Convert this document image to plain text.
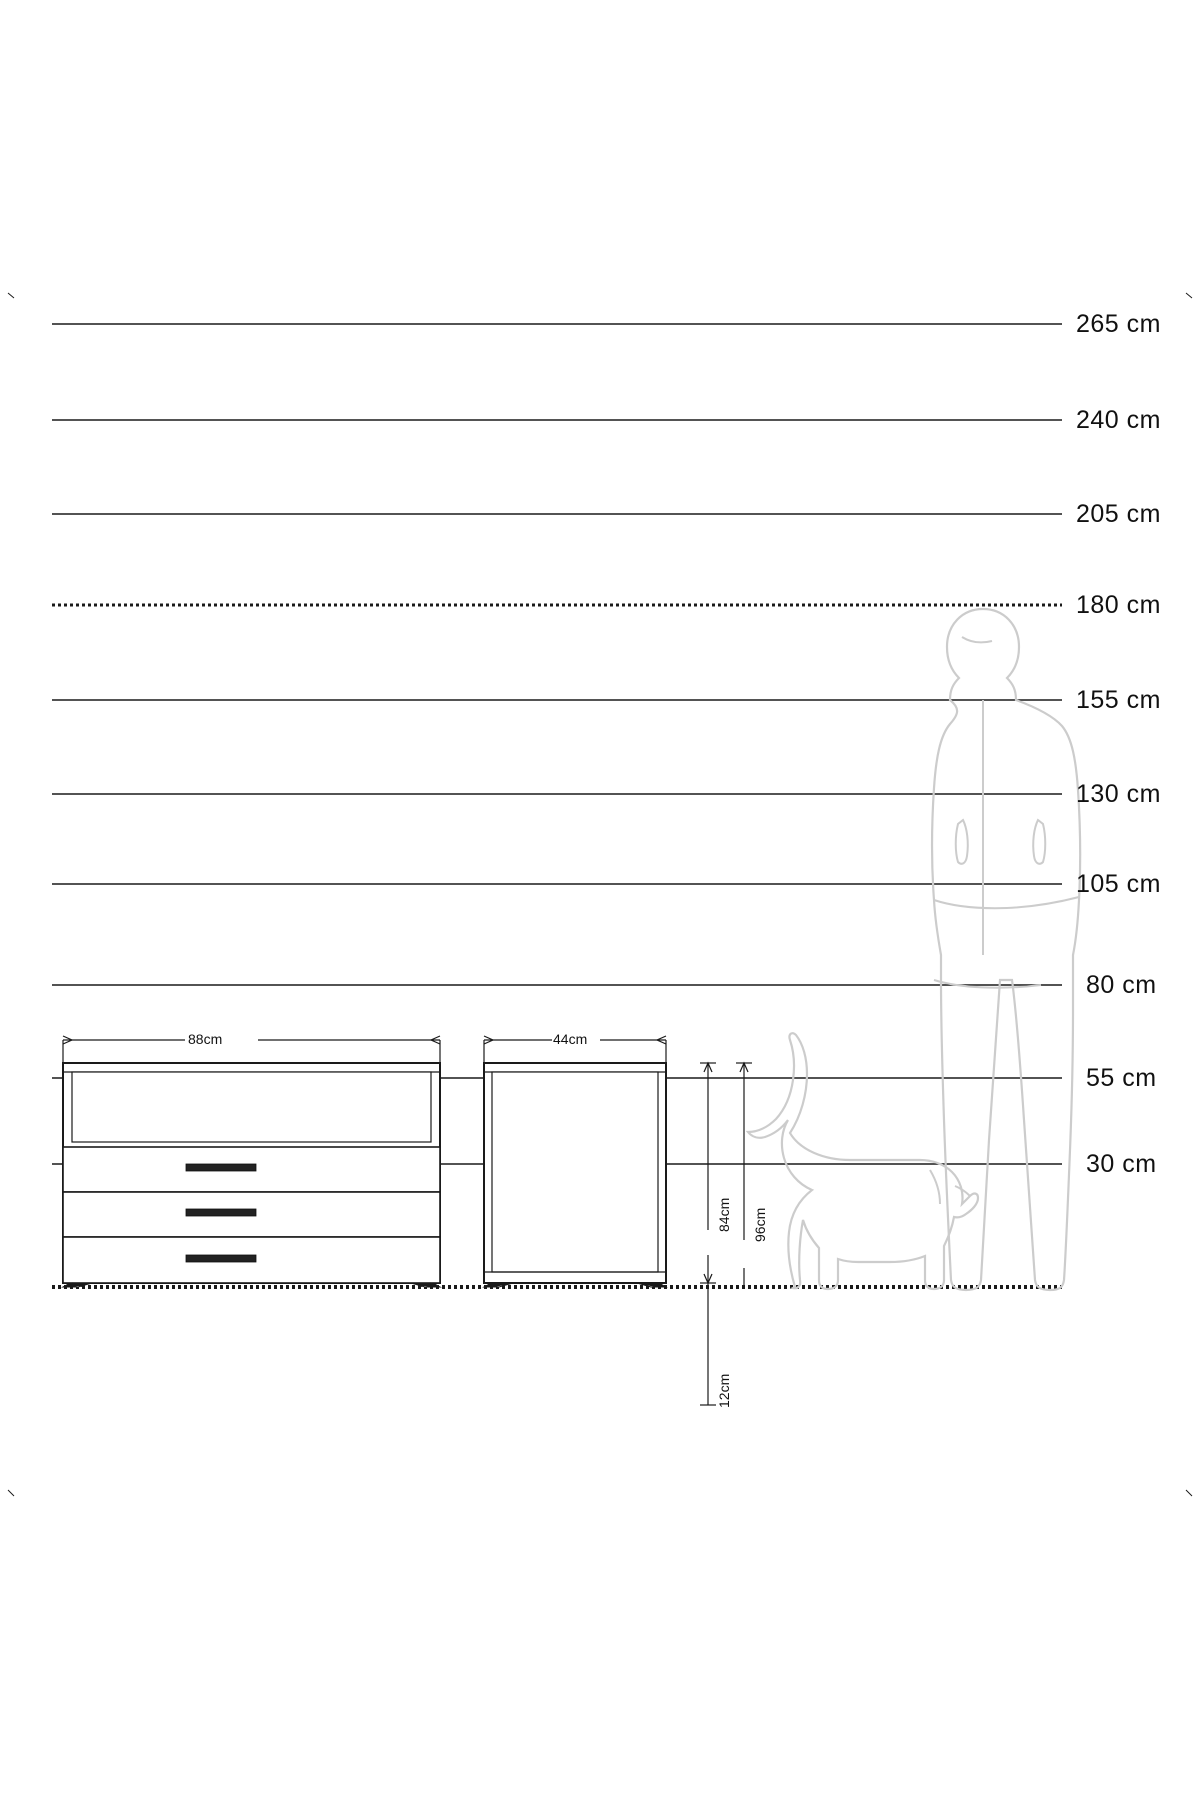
265 cm
240 cm
205 cm
180 cm
155 cm
130 cm
105 cm
80 cm
55 cm
30 cm
88cm	44cm
84cm 96cm
12cm
